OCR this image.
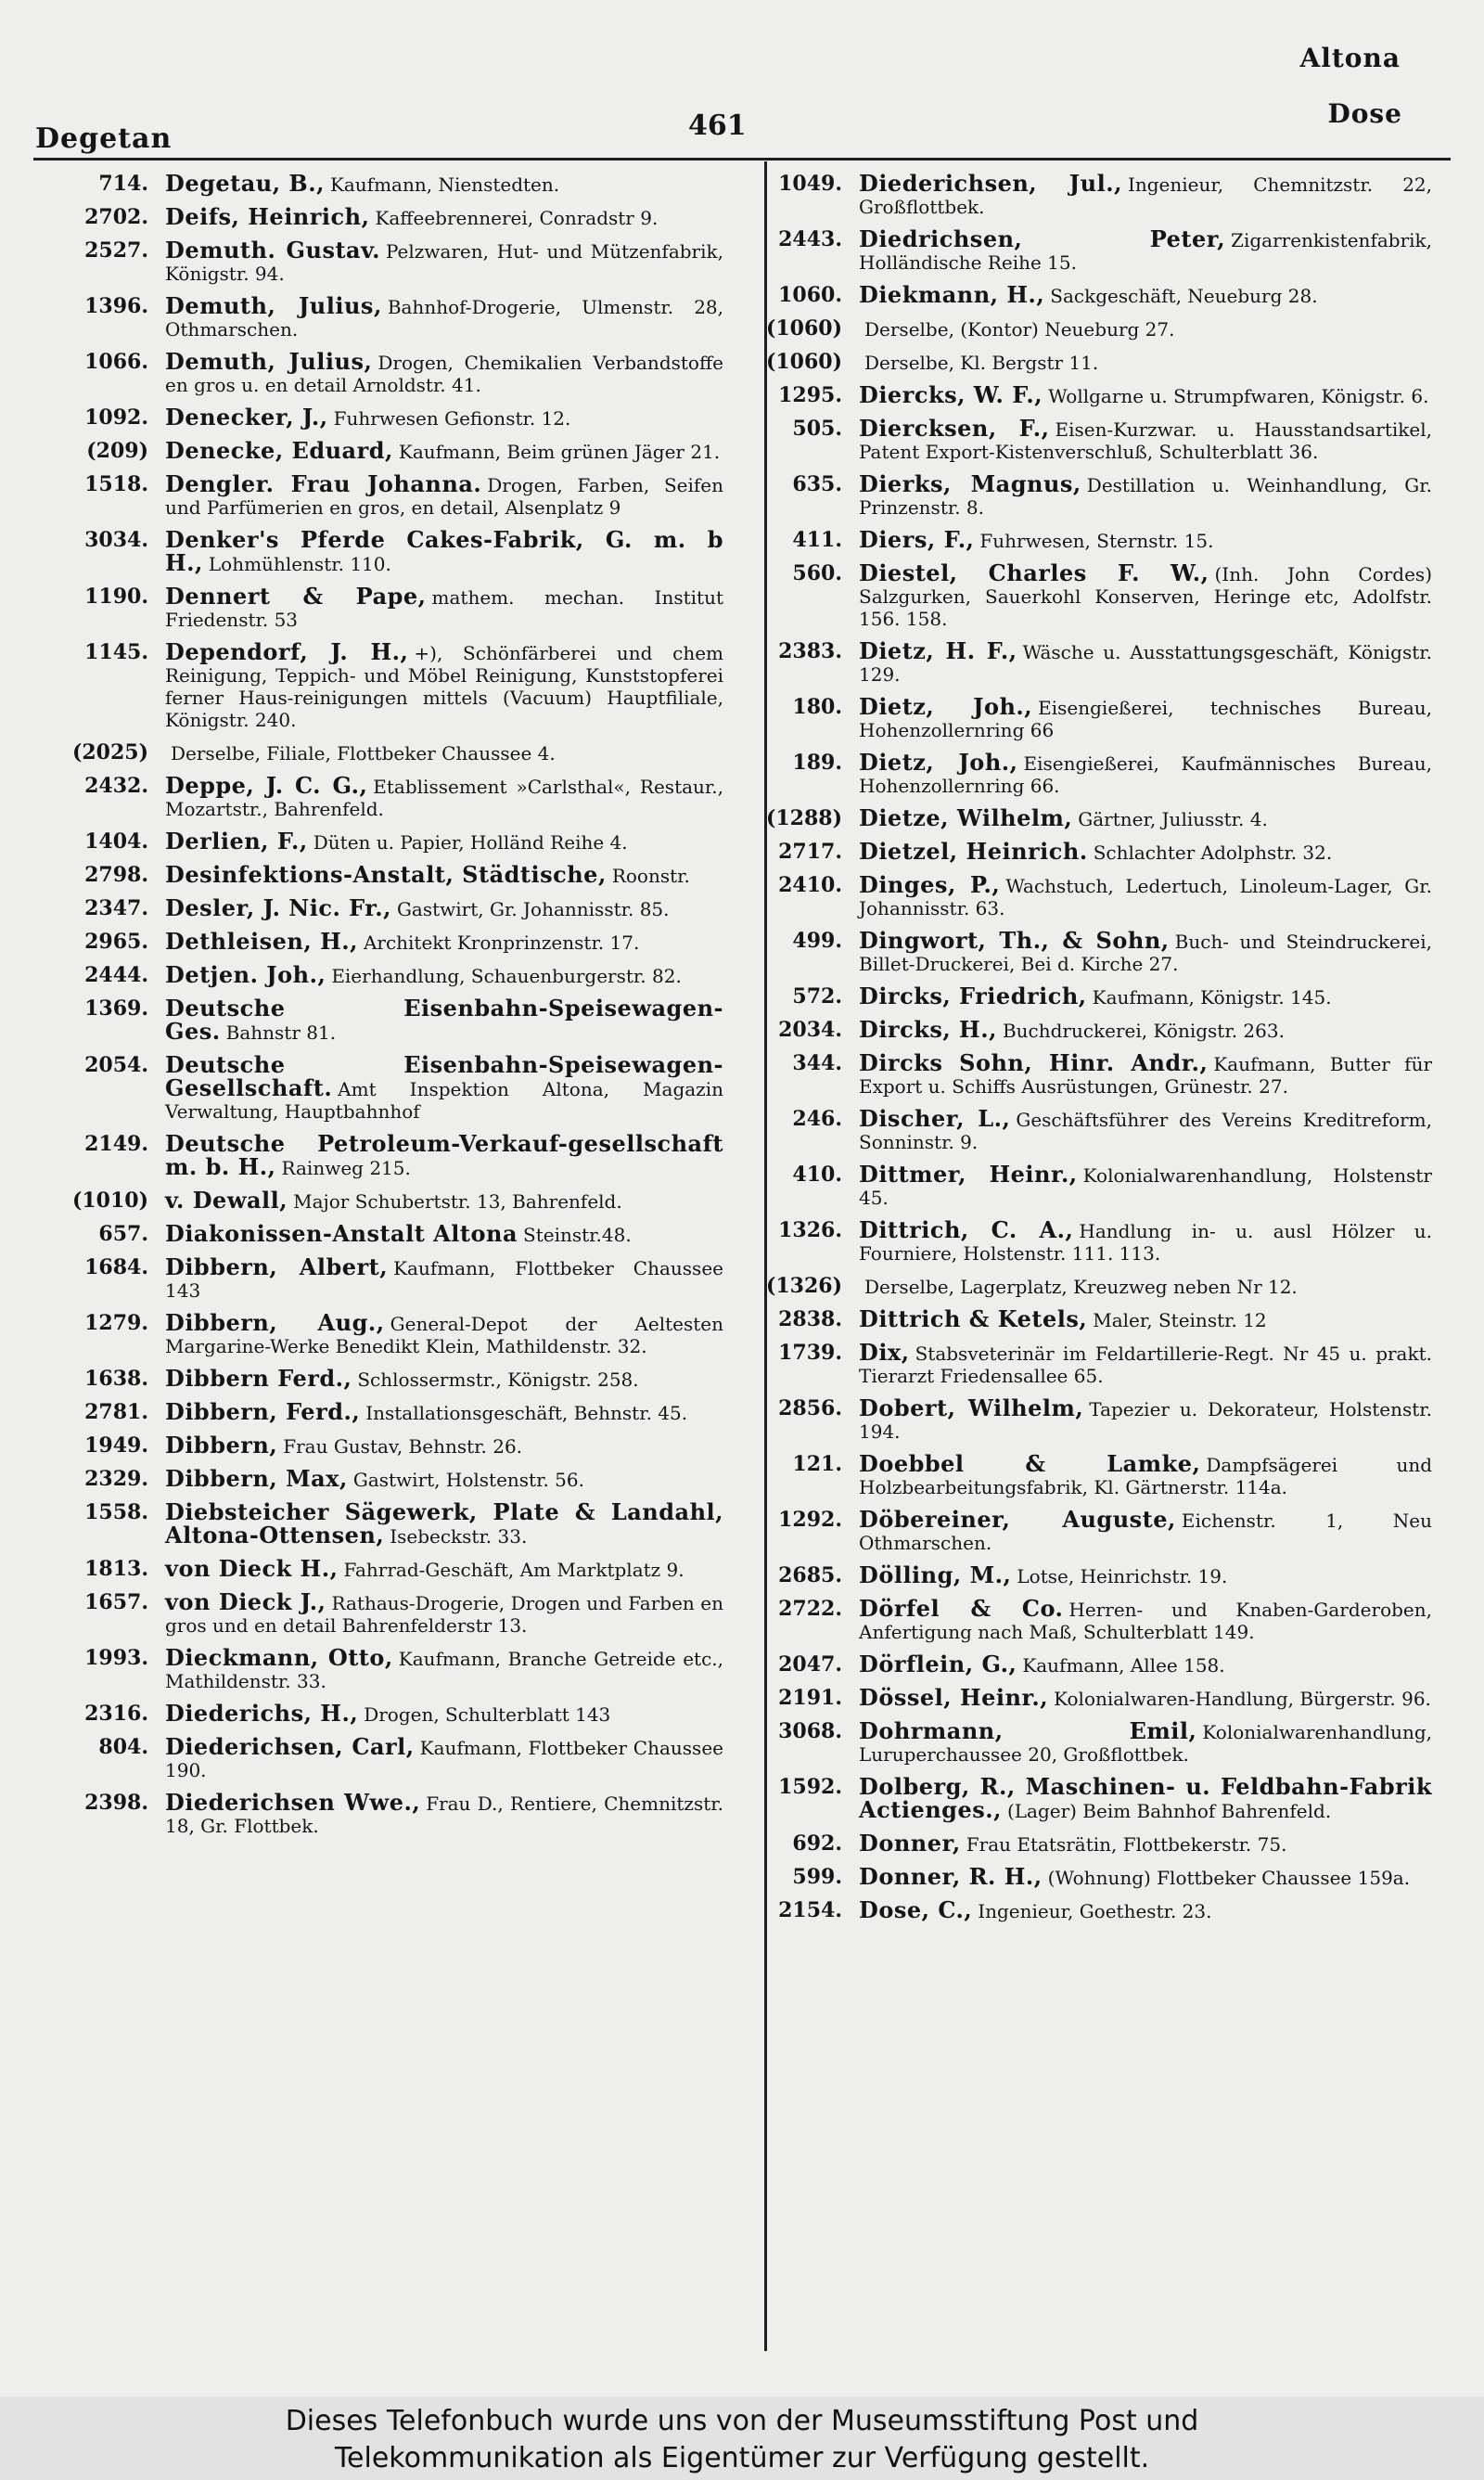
Degetan	461
Altona
Dose
714. Degetau, B., Kaufmann, Nienstedten.
2702. Deifs, Heinrich, Kaffeebrennerei, Conradstr 9.
2527. Demuth. Gustav. Pelzwaren, Hut- und Mützenfabrik, Königstr. 94.
1396. Demuth, Julius, Bahnhof-Drogerie, Ulmenstr. 28, Othmarschen.
1066. Demuth, Julius, Drogen, Chemikalien Verbandstoffe en gros u. en detail Arnoldstr. 41.
1092. Denecker, J., Fuhrwesen Gefionstr. 12.
(209) Denecke, Eduard, Kaufmann, Beim grünen Jäger 21.
1518. Dengler. Frau Johanna. Drogen, Farben, Seifen und Parfümerien en gros, en detail, Alsenplatz 9
3034. Denker's Pferde Cakes-Fabrik, G. m. b H., Lohmühlenstr. 110.
1190. Dennert & Pape, mathem. mechan. Institut Friedenstr. 53
1145. Dependorf, J. H., +), Schönfärberei und chem Reinigung, Teppich- und Möbel Reinigung, Kunststopferei ferner Haus-reinigungen mittels (Vacuum) Hauptfiliale, Königstr. 240.
(2025)	Derselbe, Filiale, Flottbeker Chaussee 4.
2432. Deppe, J. C. G., Etablissement »Carlsthal«, Restaur., Mozartstr., Bahrenfeld.
1404. Derlien, F., Düten u. Papier, Holländ Reihe 4.
2798. Desinfektions-Anstalt, Städtische, Roonstr.
2347. Desler, J. Nic. Fr., Gastwirt, Gr. Johannisstr. 85.
2965. Dethleisen, H., Architekt Kronprinzenstr. 17.
2444. Detjen. Joh., Eierhandlung, Schauenburgerstr. 82.
1369. Deutsche Eisenbahn-Speisewagen-Ges. Bahnstr 81.
2054. Deutsche Eisenbahn-Speisewagen-Gesellschaft. Amt Inspektion Altona, Magazin Verwaltung, Hauptbahnhof
2149. Deutsche Petroleum-Verkauf-gesellschaft m. b. H., Rainweg 215.
(1010) v. Dewall, Major Schubertstr. 13, Bahrenfeld.
657. Diakonissen-Anstalt Altona Steinstr.48.
1684. Dibbern, Albert, Kaufmann, Flottbeker Chaussee 143
1279. Dibbern, Aug., General-Depot der Aeltesten Margarine-Werke Benedikt Klein, Mathildenstr. 32.
1638. Dibbern Ferd., Schlossermstr., Königstr. 258.
2781. Dibbern, Ferd., Installationsgeschäft, Behnstr. 45.
1949. Dibbern, Frau Gustav, Behnstr. 26.
2329. Dibbern, Max, Gastwirt, Holstenstr. 56.
1558. Diebsteicher Sägewerk, Plate & Landahl, Altona-Ottensen, Isebeckstr. 33.
1813. von Dieck H., Fahrrad-Geschäft, Am Marktplatz 9.
1657. von Dieck J., Rathaus-Drogerie, Drogen und Farben en gros und en detail Bahrenfelderstr 13.
1993. Dieckmann, Otto, Kaufmann, Branche Getreide etc., Mathildenstr. 33.
2316. Diederichs, H., Drogen, Schulterblatt 143
804. Diederichsen, Carl, Kaufmann, Flottbeker Chaussee 190.
2398. Diederichsen Wwe., Frau D., Rentiere, Chemnitzstr. 18, Gr. Flottbek.
1049. Diederichsen, Jul., Ingenieur, Chemnitzstr. 22, Großflottbek.
2443. Diedrichsen, Peter, Zigarrenkistenfabrik, Holländische Reihe 15.
1060. Diekmann, H., Sackgeschäft, Neueburg 28.
(1060)	Derselbe, (Kontor) Neueburg 27.
(1060)	Derselbe, Kl. Bergstr 11.
1295. Diercks, W. F., Wollgarne u. Strumpfwaren, Königstr. 6.
505. Diercksen, F., Eisen-Kurzwar. u. Hausstandsartikel, Patent Export-Kistenverschluß, Schulterblatt 36.
635. Dierks, Magnus, Destillation u. Weinhandlung, Gr. Prinzenstr. 8.
411. Diers, F., Fuhrwesen, Sternstr. 15.
560. Diestel, Charles F. W., (Inh. John Cordes) Salzgurken, Sauerkohl Konserven, Heringe etc, Adolfstr. 156. 158.
2383. Dietz, H. F., Wäsche u. Ausstattungsgeschäft, Königstr. 129.
180. Dietz, Joh., Eisengießerei, technisches Bureau, Hohenzollernring 66
189. Dietz, Joh., Eisengießerei, Kaufmännisches Bureau, Hohenzollernring 66.
(1288) Dietze, Wilhelm, Gärtner, Juliusstr. 4.
2717. Dietzel, Heinrich. Schlachter Adolphstr. 32.
2410. Dinges, P., Wachstuch, Ledertuch, Linoleum-Lager, Gr. Johannisstr. 63.
499. Dingwort, Th., & Sohn, Buch- und Steindruckerei, Billet-Druckerei, Bei d. Kirche 27.
572. Dircks, Friedrich, Kaufmann, Königstr. 145.
2034. Dircks, H., Buchdruckerei, Königstr. 263.
344. Dircks Sohn, Hinr. Andr., Kaufmann, Butter für Export u. Schiffs Ausrüstungen, Grünestr. 27.
246. Discher, L., Geschäftsführer des Vereins Kreditreform, Sonninstr. 9.
410. Dittmer, Heinr., Kolonialwarenhandlung, Holstenstr 45.
1326. Dittrich, C. A., Handlung in- u. ausl Hölzer u. Fourniere, Holstenstr. 111. 113.
(1326)	Derselbe, Lagerplatz, Kreuzweg neben Nr 12.
2838. Dittrich & Ketels, Maler, Steinstr. 12
1739. Dix, Stabsveterinär im Feldartillerie-Regt. Nr 45 u. prakt. Tierarzt Friedensallee 65.
2856. Dobert, Wilhelm, Tapezier u. Dekorateur, Holstenstr. 194.
121. Doebbel & Lamke, Dampfsägerei und Holzbearbeitungsfabrik, Kl. Gärtnerstr. 114a.
1292. Döbereiner, Auguste, Eichenstr. 1, Neu Othmarschen.
2685. Dölling, M., Lotse, Heinrichstr. 19.
2722. Dörfel & Co. Herren- und Knaben-Garderoben, Anfertigung nach Maß, Schulterblatt 149.
2047. Dörflein, G., Kaufmann, Allee 158.
2191. Dössel, Heinr., Kolonialwaren-Handlung, Bürgerstr. 96.
3068. Dohrmann, Emil, Kolonialwarenhandlung, Luruperchaussee 20, Großflottbek.
1592. Dolberg, R., Maschinen- u. Feldbahn-Fabrik Actienges., (Lager) Beim Bahnhof Bahrenfeld.
692. Donner, Frau Etatsrätin, Flottbekerstr. 75.
599. Donner, R. H., (Wohnung) Flottbeker Chaussee 159a.
2154. Dose, C., Ingenieur, Goethestr. 23.
Dieses Telefonbuch wurde uns von der Museumsstiftung Post und
Telekommunikation als Eigentümer zur Verfügung gestellt.
